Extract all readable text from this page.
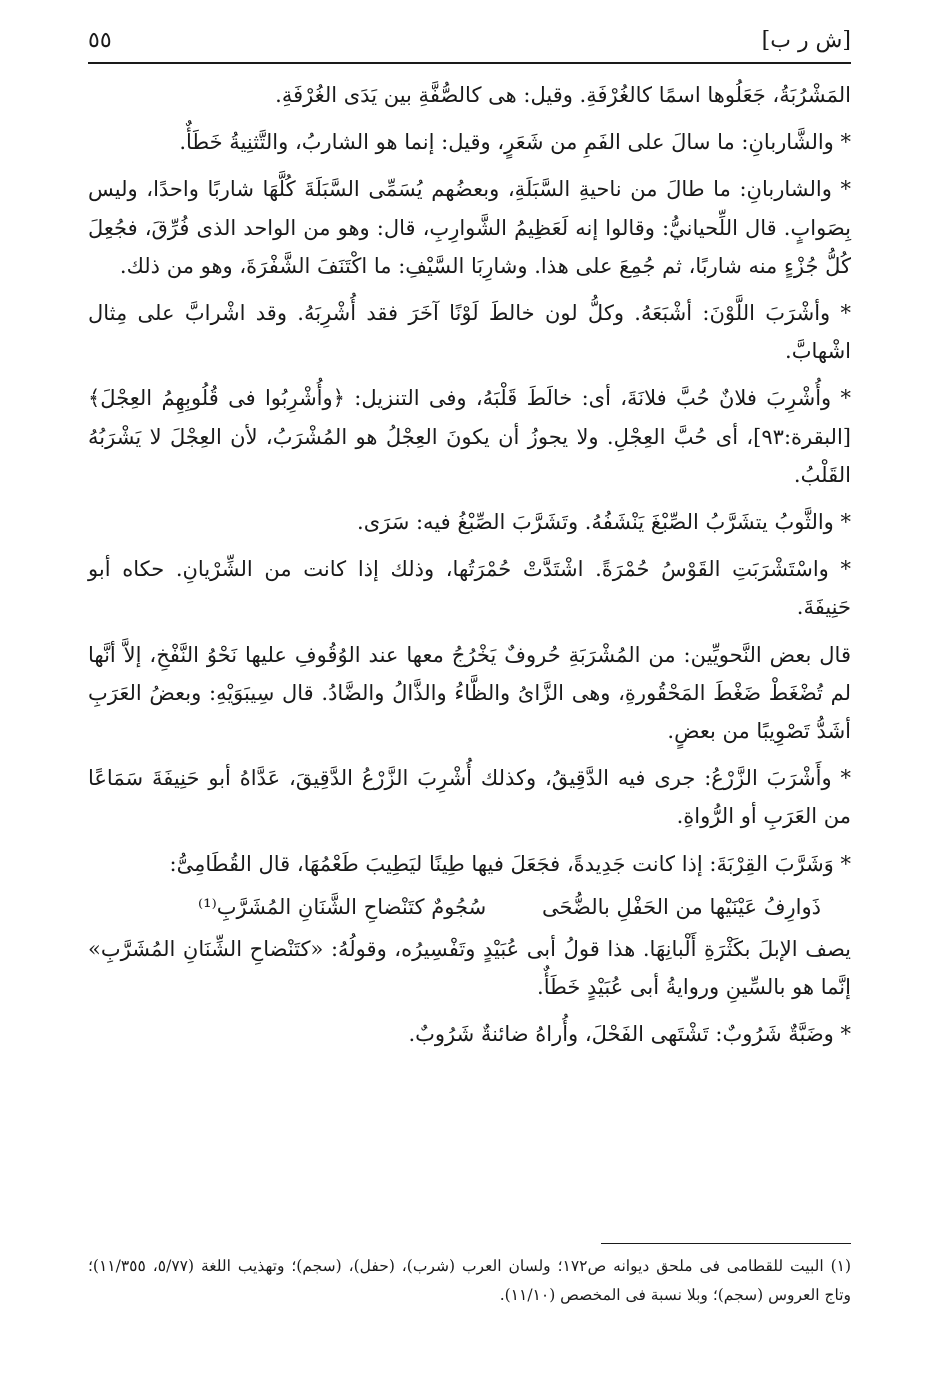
[ش ر ب]
٥٥

المَشْرُبَةُ، جَعَلُوها اسمًا كالغُرْفَةِ. وقيل: هى كالصُّفَّةِ بين يَدَى الغُرْفَةِ.

* والشَّاربانِ: ما سالَ على الفَمِ من شَعَرٍ، وقيل: إنما هو الشاربُ، والتَّثنِيةُ خَطَأٌ.

* والشاربانِ: ما طالَ من ناحيةِ السَّبَلَةِ، وبعضُهم يُسَمِّى السَّبَلَةَ كُلَّهَا شاربًا واحدًا، وليس بِصَوابٍ. قال اللِّحيانيُّ: وقالوا إنه لَعَظِيمُ الشَّوارِبِ، قال: وهو من الواحد الذى فُرِّقَ، فجُعِلَ كُلُّ جُزْءٍ منه شاربًا، ثم جُمِعَ على هذا. وشارِبَا السَّيْفِ: ما اكْتَنَفَ الشَّفْرَةَ، وهو من ذلك.

* وأشْرَبَ اللَّوْنَ: أشْبَعَهُ. وكلُّ لون خالطَ لَوْنًا آخَرَ فقد أُشْرِبَهُ. وقد اشْرابَّ على مِثال اشْهابَّ.

* وأُشْرِبَ فلانٌ حُبَّ فلانَةَ، أى: خالَطَ قَلْبَهُ، وفى التنزيل: ﴿وأُشْرِبُوا فى قُلُوبِهِمُ العِجْلَ﴾ [البقرة:٩٣]، أى حُبَّ العِجْلِ. ولا يجوزُ أن يكونَ العِجْلُ هو المُشْرَبُ، لأن العِجْلَ لا يَشْرَبُهُ القَلْبُ.

* والثَّوبُ يتشَرَّبُ الصِّبْغَ يَنْشَفُهُ. وتَشَرَّبَ الصِّبْغُ فيه: سَرَى.

* واسْتَشْرَبَتِ القَوْسُ حُمْرَةً. اشْتَدَّتْ حُمْرَتُها، وذلك إذا كانت من الشِّرْيانِ. حكاه أبو حَنِيفَةَ.

قال بعض النَّحويِّين: من المُشْرَبَةِ حُروفٌ يَخْرُجُ معها عند الوُقُوفِ عليها نَحْوُ النَّفْخِ، إلاَّ أنَّها لم تُضْغَطْ ضَغْطَ المَحْقُورةِ، وهى الزَّاىُ والظَّاءُ والذَّالُ والضَّادُ. قال سِيبَوَيْهِ: وبعضُ العَرَبِ أشَدُّ تَصْوِيبًا من بعضٍ.

* وأَشْرَبَ الزَّرْعُ: جرى فيه الدَّقِيقُ، وكذلك أُشْرِبَ الزَّرْعُ الدَّقِيقَ، عَدَّاهُ أبو حَنِيفَةَ سَمَاعًا من العَرَبِ أو الرُّواةِ.

* وَشَرَّبَ القِرْبَةَ: إذا كانت جَدِيدةً، فجَعَلَ فيها طِينًا ليَطِيبَ طَعْمُهَا، قال القُطَامِىُّ:

ذَوارِفُ عَيْنَيْها من الحَفْلِ بالضُّحَى
سُجُومٌ كتَنْضاحِ الشَّنَانِ المُشَرَّبِ⁽¹⁾

يصف الإبلَ بكَثْرَةِ أَلْبانِهَا. هذا قولُ أبى عُبَيْدٍ وتَفْسِيرُه، وقولُهُ: «كتَنْضاحِ الشِّنَانِ المُشَرَّبِ» إنَّما هو بالسِّينِ وروايةُ أبى عُبَيْدٍ خَطَأٌ.

* وضَبَّةٌ شَرُوبٌ: تَشْتَهى الفَحْلَ، وأُراهُ ضائنةٌ شَرُوبٌ.

(١) البيت للقطامى فى ملحق ديوانه ص١٧٢؛ ولسان العرب (شرب)، (حفل)، (سجم)؛ وتهذيب اللغة (٥/٧٧، ١١/٣٥٥)؛ وتاج العروس (سجم)؛ وبلا نسبة فى المخصص (١١/١٠).
